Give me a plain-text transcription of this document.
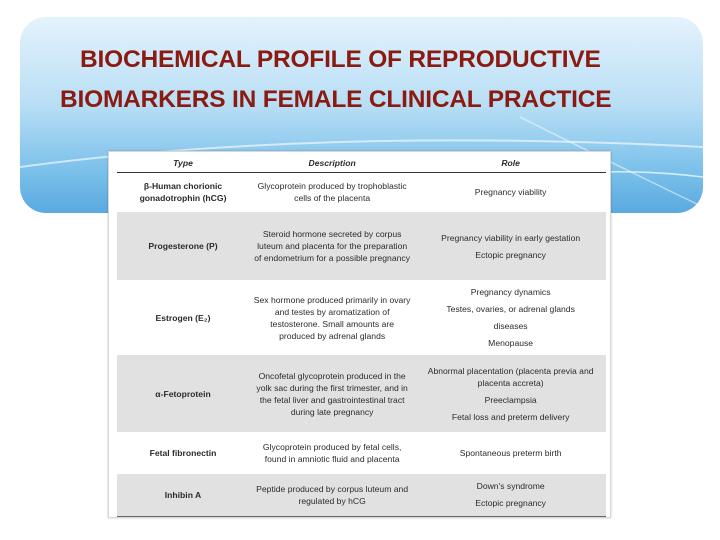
BIOCHEMICAL PROFILE OF REPRODUCTIVE
BIOMARKERS IN FEMALE CLINICAL PRACTICE
Type	Description	Role
β-Human chorionic gonadotrophin (hCG)	Glycoprotein produced by trophoblastic cells of the placenta	Pregnancy viability

Progesterone (P)	Steroid hormone secreted by corpus luteum and placenta for the preparation of endometrium for a possible pregnancy	Pregnancy viability in early gestation
Ectopic pregnancy

Estrogen (E₂)	Sex hormone produced primarily in ovary and testes by aromatization of testosterone. Small amounts are produced by adrenal glands	Pregnancy dynamics
Testes, ovaries, or adrenal glands
diseases
Menopause

α-Fetoprotein	Oncofetal glycoprotein produced in the yolk sac during the first trimester, and in the fetal liver and gastrointestinal tract during late pregnancy	Abnormal placentation (placenta previa and placenta accreta)
Preeclampsia
Fetal loss and preterm delivery

Fetal fibronectin	Glycoprotein produced by fetal cells, found in amniotic fluid and placenta	Spontaneous preterm birth

Inhibin A	Peptide produced by corpus luteum and regulated by hCG	Down's syndrome
Ectopic pregnancy
